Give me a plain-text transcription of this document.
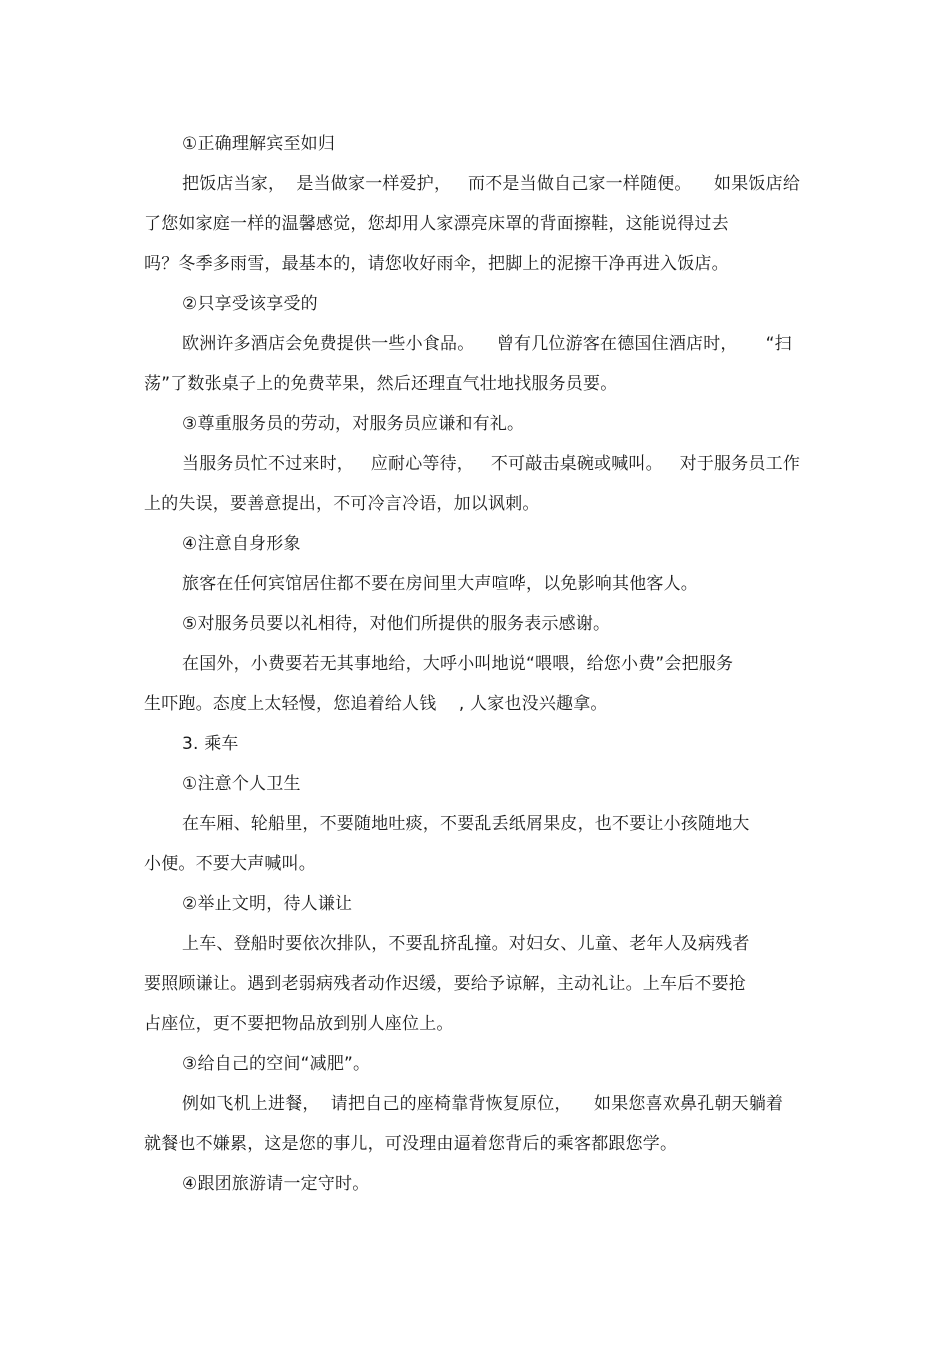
①正确理解宾至如归
把饭店当家，  是当做家一样爱护，   而不是当做自己家一样随便。    如果饭店给
了您如家庭一样的温馨感觉，您却用人家漂亮床罩的背面擦鞋，这能说得过去
吗？冬季多雨雪，最基本的，请您收好雨伞，把脚上的泥擦干净再进入饭店。
②只享受该享受的
欧洲许多酒店会免费提供一些小食品。    曾有几位游客在德国住酒店时，     “扫
荡”了数张桌子上的免费苹果，然后还理直气壮地找服务员要。
③尊重服务员的劳动，对服务员应谦和有礼。
当服务员忙不过来时，   应耐心等待，   不可敲击桌碗或喊叫。   对于服务员工作
上的失误，要善意提出，不可冷言冷语，加以讽刺。
④注意自身形象
旅客在任何宾馆居住都不要在房间里大声喧哗，以免影响其他客人。
⑤对服务员要以礼相待，对他们所提供的服务表示感谢。
在国外，小费要若无其事地给，大呼小叫地说“喂喂，给您小费”会把服务
生吓跑。态度上太轻慢，您追着给人钱    , 人家也没兴趣拿。
3. 乘车
①注意个人卫生
在车厢、轮船里，不要随地吐痰，不要乱丢纸屑果皮，也不要让小孩随地大
小便。不要大声喊叫。
②举止文明，待人谦让
上车、登船时要依次排队，不要乱挤乱撞。对妇女、儿童、老年人及病残者
要照顾谦让。遇到老弱病残者动作迟缓，要给予谅解，主动礼让。上车后不要抢
占座位，更不要把物品放到别人座位上。
③给自己的空间“减肥”。
例如飞机上进餐，  请把自己的座椅靠背恢复原位，    如果您喜欢鼻孔朝天躺着
就餐也不嫌累，这是您的事儿，可没理由逼着您背后的乘客都跟您学。
④跟团旅游请一定守时。
